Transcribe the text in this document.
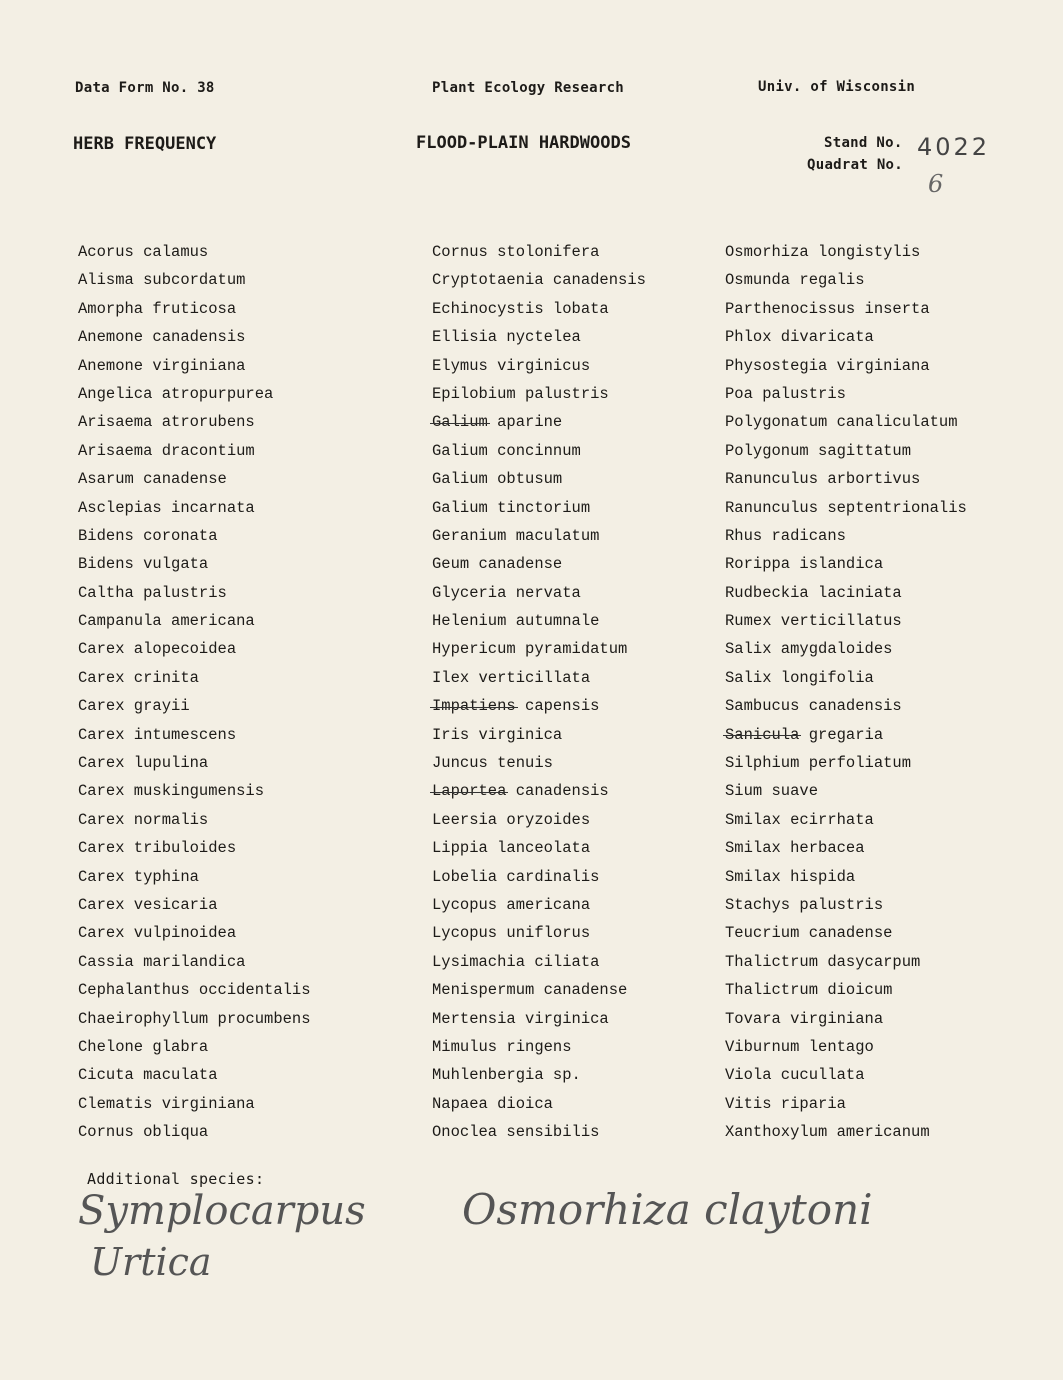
Data Form No. 38	Plant Ecology Research	Univ. of Wisconsin
HERB FREQUENCY	FLOOD-PLAIN HARDWOODS	Stand No.
Quadrat No.
4022
6
Acorus calamus
Alisma subcordatum
Amorpha fruticosa
Anemone canadensis
Anemone virginiana
Angelica atropurpurea
Arisaema atrorubens
Arisaema dracontium
Asarum canadense
Asclepias incarnata
Bidens coronata
Bidens vulgata
Caltha palustris
Campanula americana
Carex alopecoidea
Carex crinita
Carex grayii
Carex intumescens
Carex lupulina
Carex muskingumensis
Carex normalis
Carex tribuloides
Carex typhina
Carex vesicaria
Carex vulpinoidea
Cassia marilandica
Cephalanthus occidentalis
Chaeirophyllum procumbens
Chelone glabra
Cicuta maculata
Clematis virginiana
Cornus obliqua
Cornus stolonifera
Cryptotaenia canadensis
Echinocystis lobata
Ellisia nyctelea
Elymus virginicus
Epilobium palustris
Galium aparine
Galium concinnum
Galium obtusum
Galium tinctorium
Geranium maculatum
Geum canadense
Glyceria nervata
Helenium autumnale
Hypericum pyramidatum
Ilex verticillata
Impatiens capensis
Iris virginica
Juncus tenuis
Laportea canadensis
Leersia oryzoides
Lippia lanceolata
Lobelia cardinalis
Lycopus americana
Lycopus uniflorus
Lysimachia ciliata
Menispermum canadense
Mertensia virginica
Mimulus ringens
Muhlenbergia sp.
Napaea dioica
Onoclea sensibilis
Osmorhiza longistylis
Osmunda regalis
Parthenocissus inserta
Phlox divaricata
Physostegia virginiana
Poa palustris
Polygonatum canaliculatum
Polygonum sagittatum
Ranunculus arbortivus
Ranunculus septentrionalis
Rhus radicans
Rorippa islandica
Rudbeckia laciniata
Rumex verticillatus
Salix amygdaloides
Salix longifolia
Sambucus canadensis
Sanicula gregaria
Silphium perfoliatum
Sium suave
Smilax ecirrhata
Smilax herbacea
Smilax hispida
Stachys palustris
Teucrium canadense
Thalictrum dasycarpum
Thalictrum dioicum
Tovara virginiana
Viburnum lentago
Viola cucullata
Vitis riparia
Xanthoxylum americanum
Additional species:
Symplocarpus Osmorhiza claytoni
Urtica
